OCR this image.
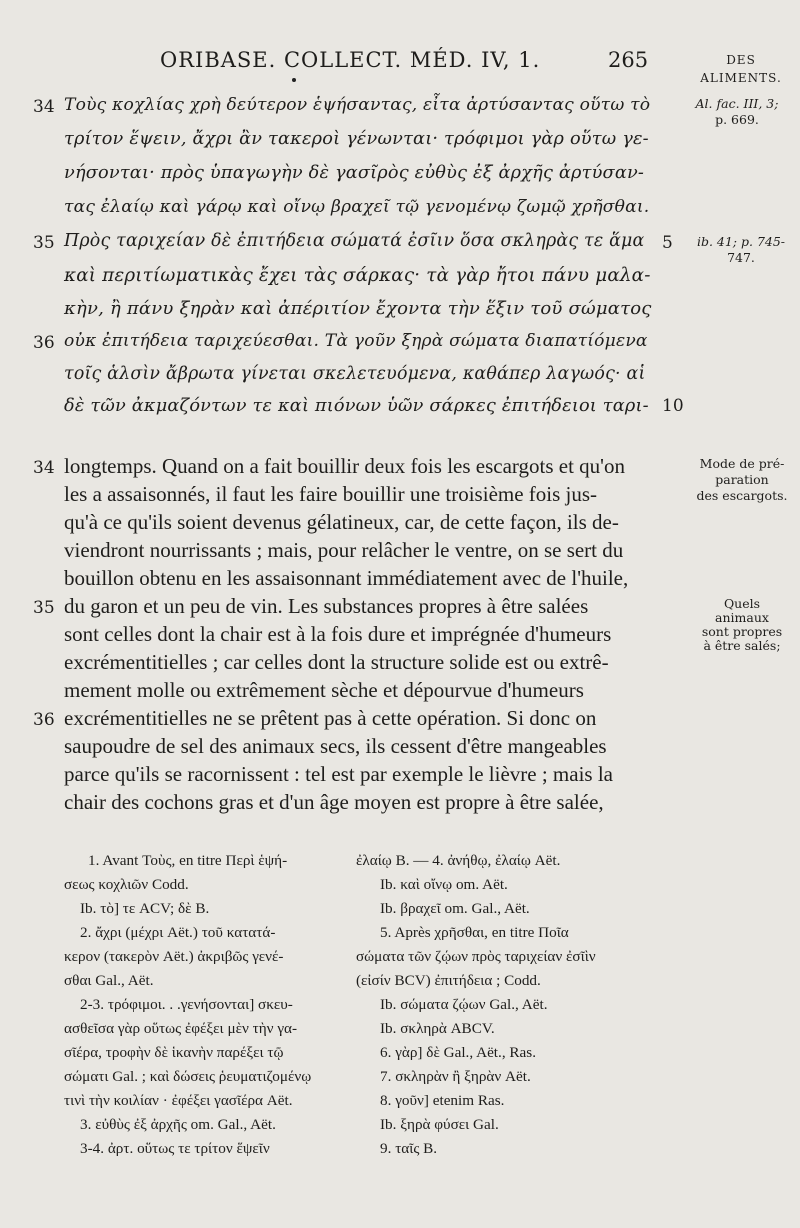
ORIBASE. COLLECT. MÉD. IV, 1.	265	DES
ALIMENTS.
34
35
36
Τοὺς κοχλίας χρὴ δεύτερον ἑψήσαντας, εἶτα ἀρτύσαντας οὕτω τὸ
τρίτον ἕψειν, ἄχρι ἂν τακεροὶ γένωνται· τρόφιμοι γὰρ οὕτω γε-
νήσονται· πρὸς ὑπαγωγὴν δὲ γασῖρὸς εὐθὺς ἐξ ἀρχῆς ἀρτύσαν-
τας ἐλαίῳ καὶ γάρῳ καὶ οἴνῳ βραχεῖ τῷ γενομένῳ ζωμῷ χρῆσθαι.
Πρὸς ταριχείαν δὲ ἐπιτήδεια σώματά ἐσῖιν ὅσα σκληρὰς τε ἅμα
καὶ περιτίωματικὰς ἔχει τὰς σάρκας· τὰ γὰρ ἤτοι πάνυ μαλα-
κὴν, ἢ πάνυ ξηρὰν καὶ ἀπέριτίον ἔχοντα τὴν ἕξιν τοῦ σώματος
οὐκ ἐπιτήδεια ταριχεύεσθαι. Τὰ γοῦν ξηρὰ σώματα διαπατίόμενα
τοῖς ἁλσὶν ἄβρωτα γίνεται σκελετευόμενα, καθάπερ λαγωός· αἱ
δὲ τῶν ἀκμαζόντων τε καὶ πιόνων ὑῶν σάρκες ἐπιτήδειοι ταρι-
5
10
Al. fac. III, 3;
p. 669.
ib. 41; p. 745-
747.
34
35
36
longtemps. Quand on a fait bouillir deux fois les escargots et qu'on
les a assaisonnés, il faut les faire bouillir une troisième fois jus-
qu'à ce qu'ils soient devenus gélatineux, car, de cette façon, ils de-
viendront nourrissants ; mais, pour relâcher le ventre, on se sert du
bouillon obtenu en les assaisonnant immédiatement avec de l'huile,
du garon et un peu de vin. Les substances propres à être salées
sont celles dont la chair est à la fois dure et imprégnée d'humeurs
excrémentitielles ; car celles dont la structure solide est ou extrê-
mement molle ou extrêmement sèche et dépourvue d'humeurs
excrémentitielles ne se prêtent pas à cette opération. Si donc on
saupoudre de sel des animaux secs, ils cessent d'être mangeables
parce qu'ils se racornissent : tel est par exemple le lièvre ; mais la
chair des cochons gras et d'un âge moyen est propre à être salée,
Mode de pré-
paration
des escargots.
Quels
animaux
sont propres
à être salés;
1. Avant Τοὺς, en titre Περὶ ἑψή-
σεως κοχλιῶν Codd.
Ib. τὸ] τε ACV; δὲ B.
2. ἄχρι (μέχρι Aët.) τοῦ κατατά-
κερον (τακερὸν Aët.) ἀκριβῶς γενέ-
σθαι Gal., Aët.
2-3. τρόφιμοι. . .γενήσονται] σκευ-
ασθεῖσα γὰρ οὕτως ἐφέξει μὲν τὴν γα-
σῖέρα, τροφὴν δὲ ἱκανὴν παρέξει τῷ
σώματι Gal. ; καὶ δώσεις ῥευματιζομένῳ
τινὶ τὴν κοιλίαν · ἐφέξει γασῖέρα Aët.
3. εὐθὺς ἐξ ἀρχῆς om. Gal., Aët.
3-4. ἀρτ. οὕτως τε τρίτον ἕψεῖν
ἐλαίῳ B. — 4. ἀνήθῳ, ἐλαίῳ Aët.
Ib. καὶ οἴνῳ om. Aët.
Ib. βραχεῖ om. Gal., Aët.
5. Après χρῆσθαι, en titre Ποῖα
σώματα τῶν ζῴων πρὸς ταριχείαν ἐσῖὶν
(εἰσίν BCV) ἐπιτήδεια ; Codd.
Ib. σώματα ζῴων Gal., Aët.
Ib. σκληρὰ ABCV.
6. γὰρ] δὲ Gal., Aët., Ras.
7. σκληρὰν ἢ ξηρὰν Aët.
8. γοῦν] etenim Ras.
Ib. ξηρὰ φύσει Gal.
9. ταῖς B.
